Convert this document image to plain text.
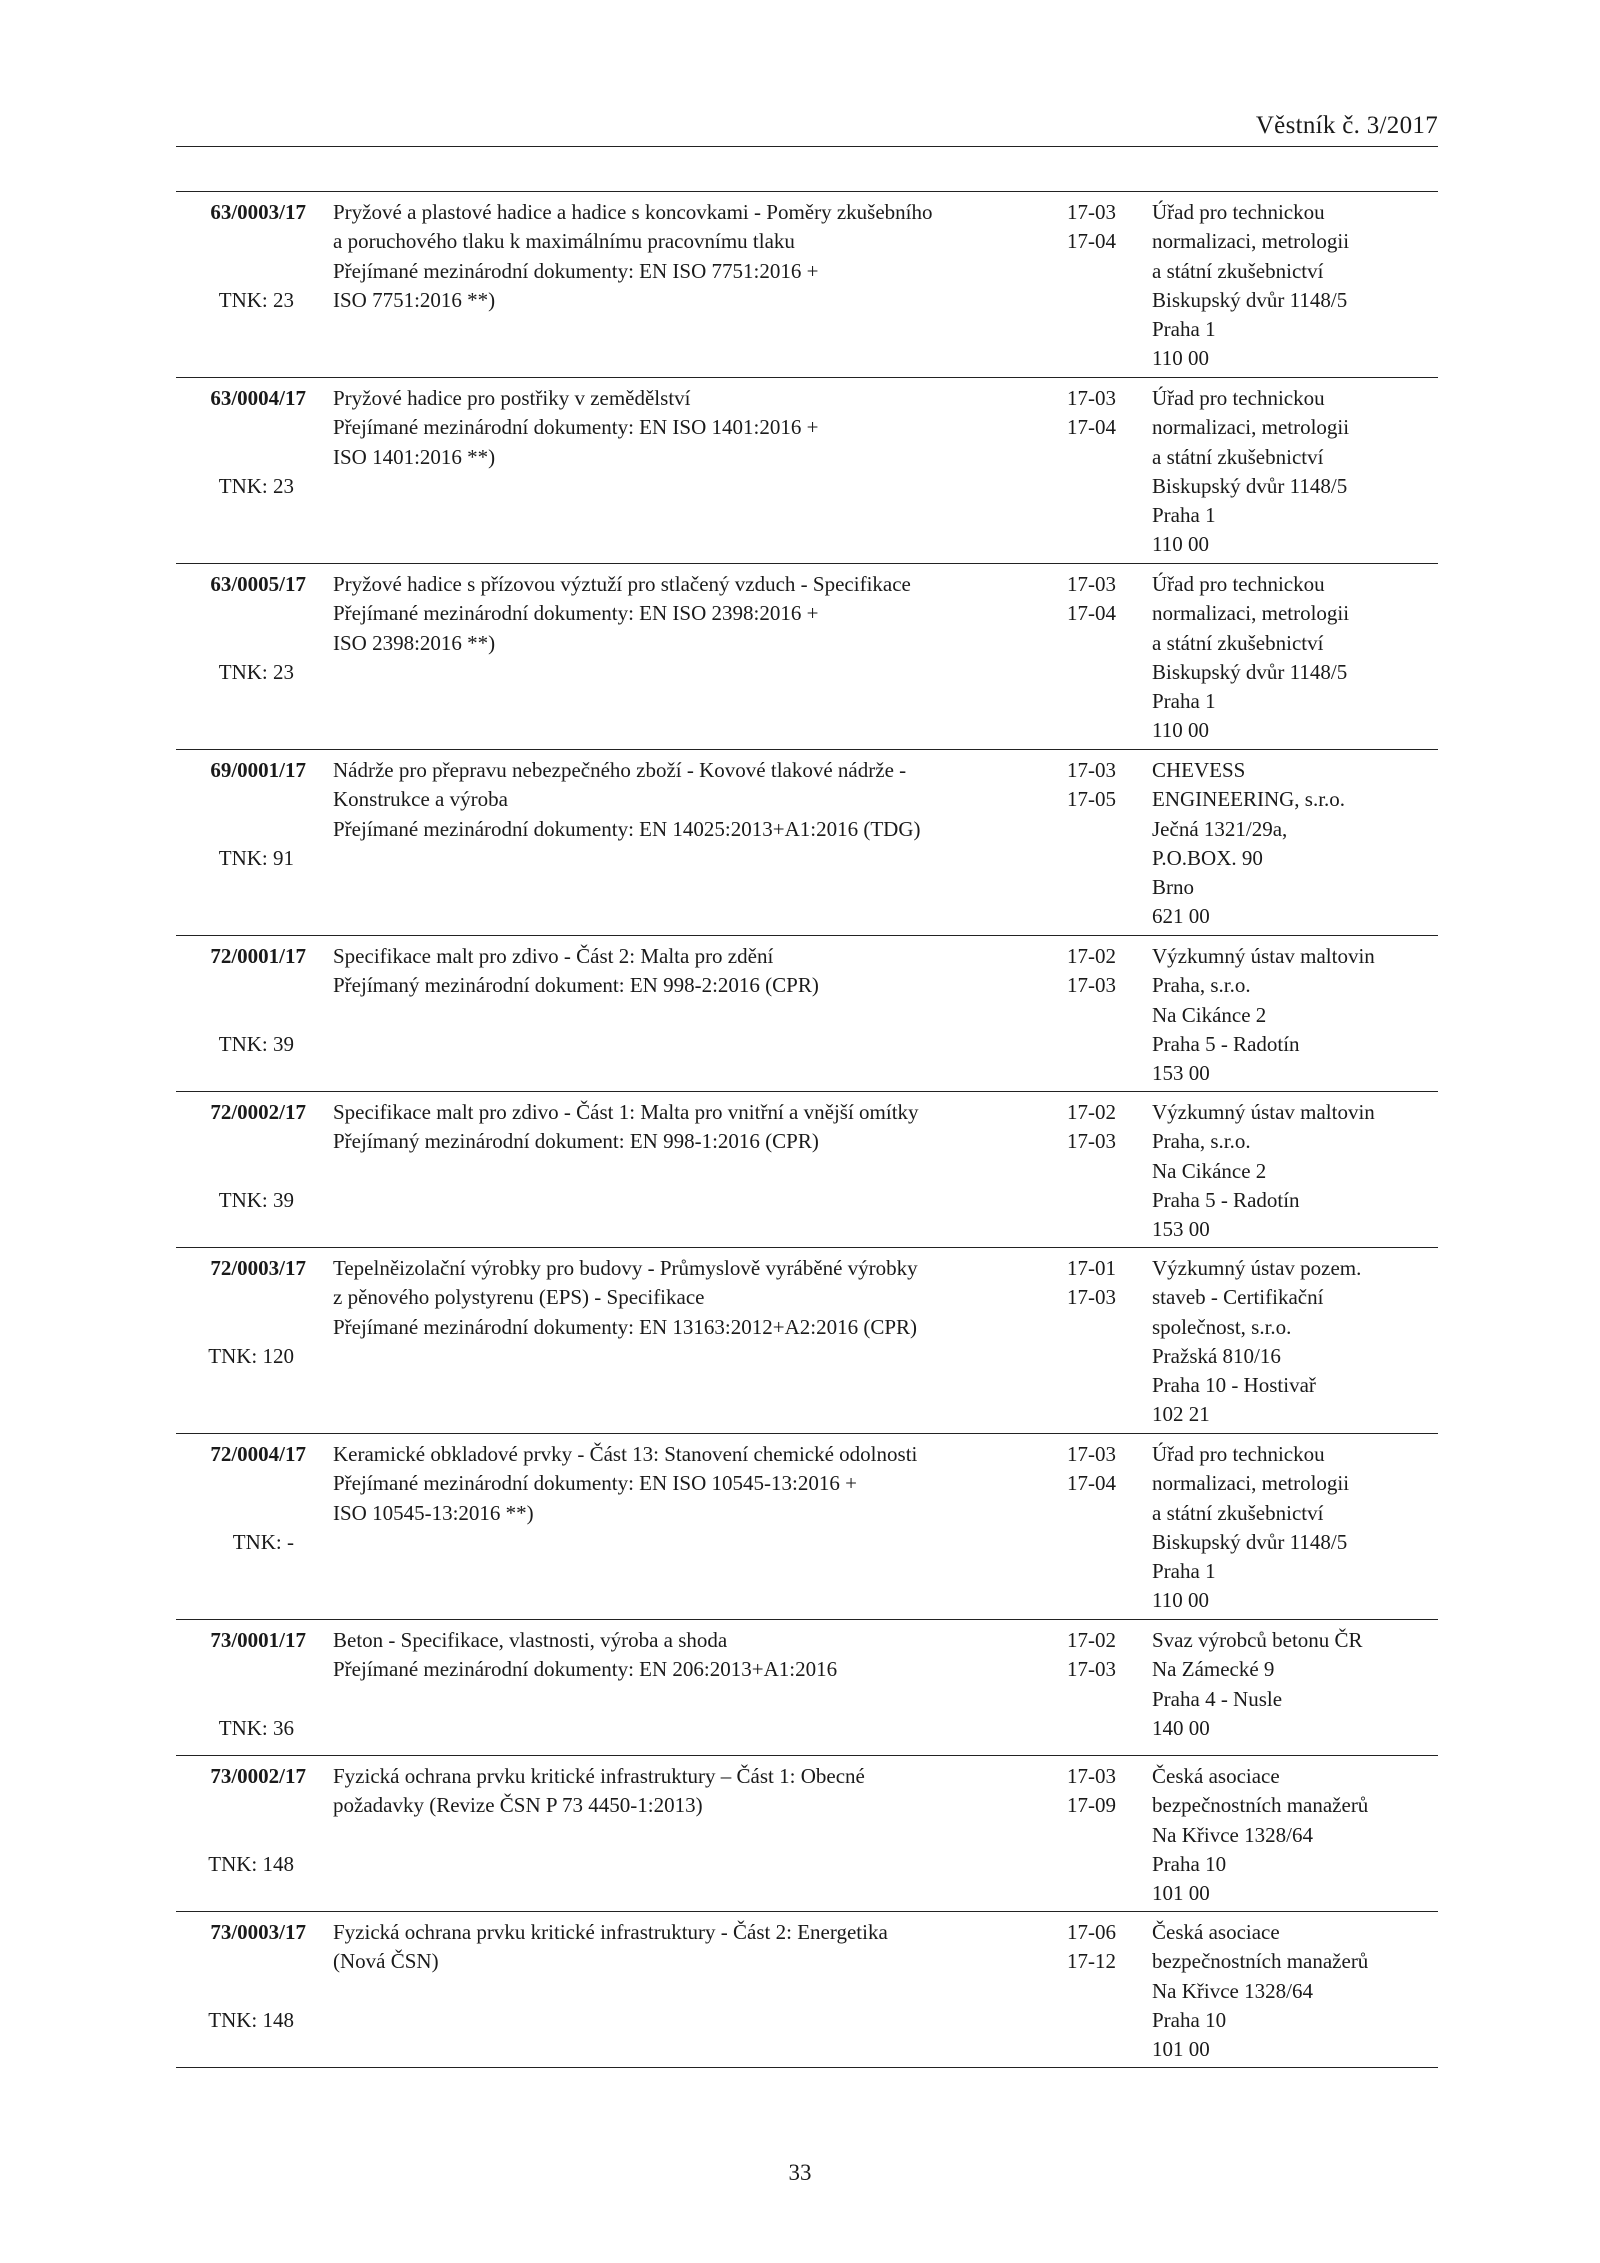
Věstník č. 3/2017
63/0003/17
TNK: 23
Pryžové a plastové hadice a hadice s koncovkami - Poměry zkušebního
a poruchového tlaku k maximálnímu pracovnímu tlaku
Přejímané mezinárodní dokumenty: EN ISO 7751:2016 +
ISO 7751:2016 **)
17-03
17-04
Úřad pro technickou
normalizaci, metrologii
a státní zkušebnictví
Biskupský dvůr 1148/5
Praha 1
110 00
63/0004/17
TNK: 23
Pryžové hadice pro postřiky v zemědělství
Přejímané mezinárodní dokumenty: EN ISO 1401:2016 +
ISO 1401:2016 **)
17-03
17-04
Úřad pro technickou
normalizaci, metrologii
a státní zkušebnictví
Biskupský dvůr 1148/5
Praha 1
110 00
63/0005/17
TNK: 23
Pryžové hadice s přízovou výztuží pro stlačený vzduch - Specifikace
Přejímané mezinárodní dokumenty: EN ISO 2398:2016 +
ISO 2398:2016 **)
17-03
17-04
Úřad pro technickou
normalizaci, metrologii
a státní zkušebnictví
Biskupský dvůr 1148/5
Praha 1
110 00
69/0001/17
TNK: 91
Nádrže pro přepravu nebezpečného zboží - Kovové tlakové nádrže -
Konstrukce a výroba
Přejímané mezinárodní dokumenty: EN 14025:2013+A1:2016 (TDG)
17-03
17-05
CHEVESS
ENGINEERING, s.r.o.
Ječná 1321/29a,
P.O.BOX. 90
Brno
621 00
72/0001/17
TNK: 39
Specifikace malt pro zdivo - Část 2: Malta pro zdění
Přejímaný mezinárodní dokument: EN 998-2:2016 (CPR)
17-02
17-03
Výzkumný ústav maltovin
Praha, s.r.o.
Na Cikánce 2
Praha 5 - Radotín
153 00
72/0002/17
TNK: 39
Specifikace malt pro zdivo - Část 1: Malta pro vnitřní a vnější omítky
Přejímaný mezinárodní dokument: EN 998-1:2016 (CPR)
17-02
17-03
Výzkumný ústav maltovin
Praha, s.r.o.
Na Cikánce 2
Praha 5 - Radotín
153 00
72/0003/17
TNK: 120
Tepelněizolační výrobky pro budovy - Průmyslově vyráběné výrobky
z pěnového polystyrenu (EPS) - Specifikace
Přejímané mezinárodní dokumenty: EN 13163:2012+A2:2016 (CPR)
17-01
17-03
Výzkumný ústav pozem.
staveb - Certifikační
společnost, s.r.o.
Pražská 810/16
Praha 10 - Hostivař
102 21
72/0004/17
TNK: -
Keramické obkladové prvky - Část 13: Stanovení chemické odolnosti
Přejímané mezinárodní dokumenty: EN ISO 10545-13:2016 +
ISO 10545-13:2016 **)
17-03
17-04
Úřad pro technickou
normalizaci, metrologii
a státní zkušebnictví
Biskupský dvůr 1148/5
Praha 1
110 00
73/0001/17
TNK: 36
Beton - Specifikace, vlastnosti, výroba a shoda
Přejímané mezinárodní dokumenty: EN 206:2013+A1:2016
17-02
17-03
Svaz výrobců betonu ČR
Na Zámecké 9
Praha 4 - Nusle
140 00
73/0002/17
TNK: 148
Fyzická ochrana prvku kritické infrastruktury – Část 1: Obecné
požadavky (Revize ČSN P 73 4450-1:2013)
17-03
17-09
Česká asociace
bezpečnostních manažerů
Na Křivce 1328/64
Praha 10
101 00
73/0003/17
TNK: 148
Fyzická ochrana prvku kritické infrastruktury - Část 2: Energetika
(Nová ČSN)
17-06
17-12
Česká asociace
bezpečnostních manažerů
Na Křivce 1328/64
Praha 10
101 00
33
